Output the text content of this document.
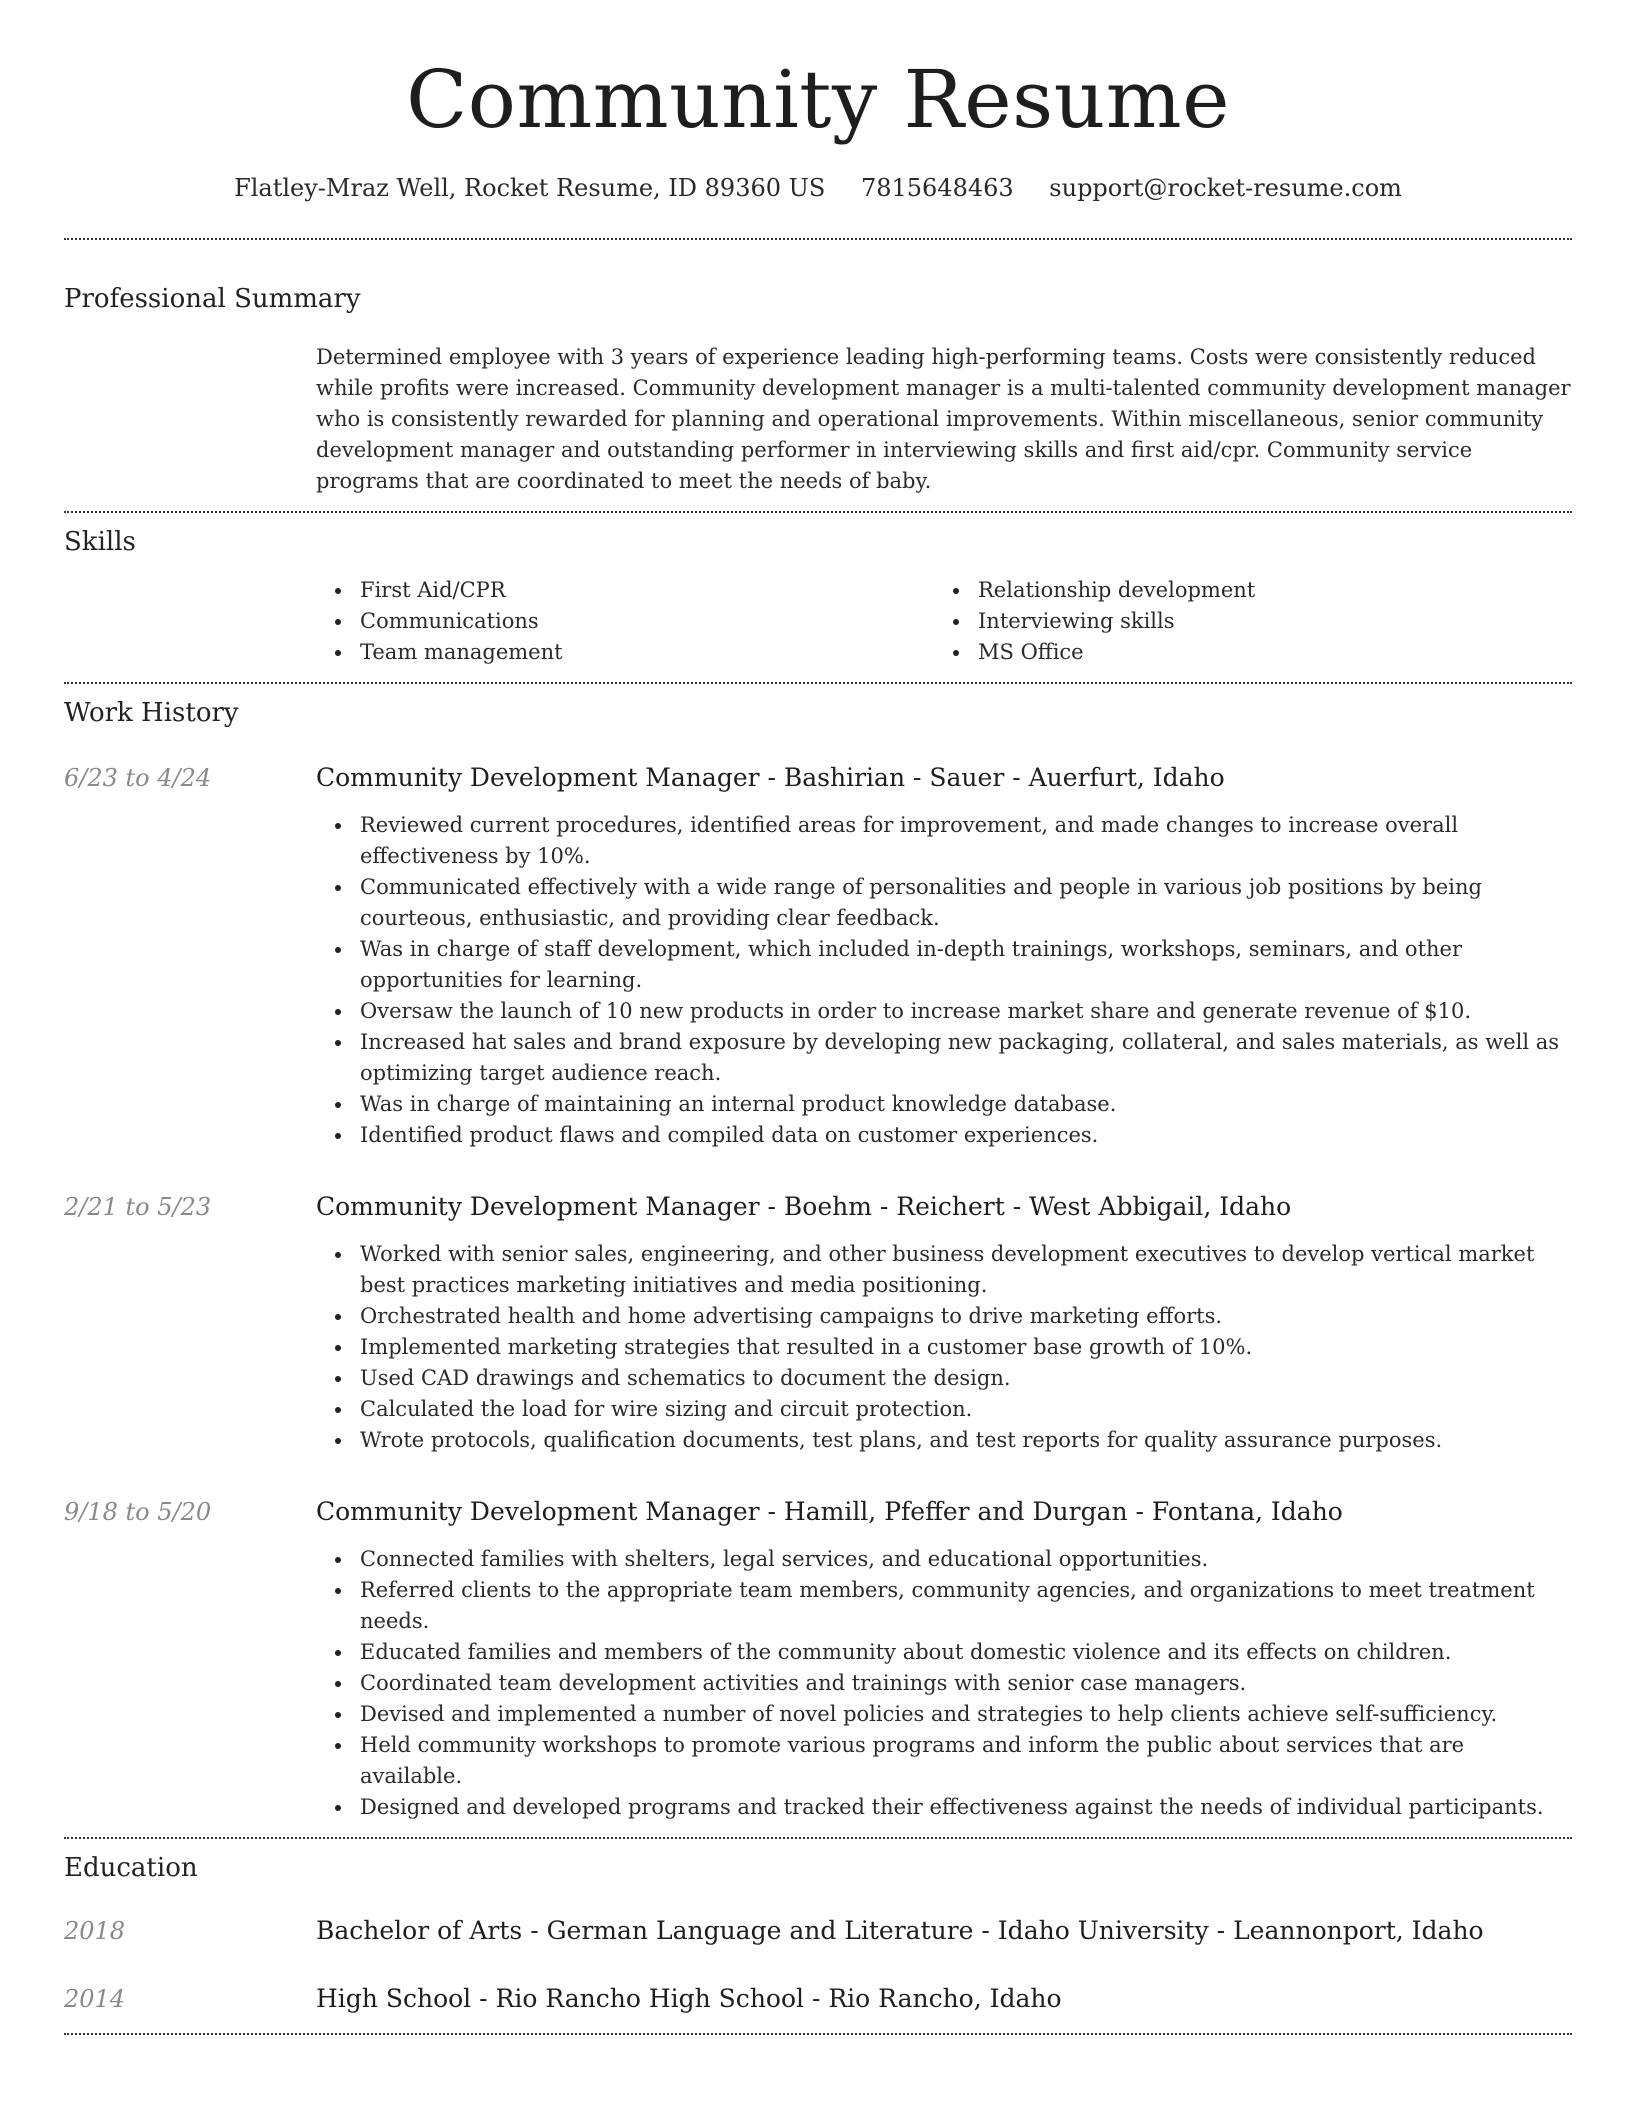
Community Resume
Flatley-Mraz Well, Rocket Resume, ID 89360 US 7815648463 support@rocket-resume.com
Professional Summary

Determined employee with 3 years of experience leading high-performing teams. Costs were consistently reduced while profits were increased. Community development manager is a multi-talented community development manager who is consistently rewarded for planning and operational improvements. Within miscellaneous, senior community development manager and outstanding performer in interviewing skills and first aid/cpr. Community service programs that are coordinated to meet the needs of baby.

Skills
First Aid/CPR
Communications
Team management
Relationship development
Interviewing skills
MS Office
Work History
6/23 to 4/24	Community Development Manager - Bashirian - Sauer - Auerfurt, Idaho
Reviewed current procedures, identified areas for improvement, and made changes to increase overall effectiveness by 10%.
Communicated effectively with a wide range of personalities and people in various job positions by being courteous, enthusiastic, and providing clear feedback.
Was in charge of staff development, which included in-depth trainings, workshops, seminars, and other opportunities for learning.
Oversaw the launch of 10 new products in order to increase market share and generate revenue of $10.
Increased hat sales and brand exposure by developing new packaging, collateral, and sales materials, as well as optimizing target audience reach.
Was in charge of maintaining an internal product knowledge database.
Identified product flaws and compiled data on customer experiences.
2/21 to 5/23	Community Development Manager - Boehm - Reichert - West Abbigail, Idaho
Worked with senior sales, engineering, and other business development executives to develop vertical market best practices marketing initiatives and media positioning.
Orchestrated health and home advertising campaigns to drive marketing efforts.
Implemented marketing strategies that resulted in a customer base growth of 10%.
Used CAD drawings and schematics to document the design.
Calculated the load for wire sizing and circuit protection.
Wrote protocols, qualification documents, test plans, and test reports for quality assurance purposes.
9/18 to 5/20	Community Development Manager - Hamill, Pfeffer and Durgan - Fontana, Idaho
Connected families with shelters, legal services, and educational opportunities.
Referred clients to the appropriate team members, community agencies, and organizations to meet treatment needs.
Educated families and members of the community about domestic violence and its effects on children.
Coordinated team development activities and trainings with senior case managers.
Devised and implemented a number of novel policies and strategies to help clients achieve self-sufficiency.
Held community workshops to promote various programs and inform the public about services that are available.
Designed and developed programs and tracked their effectiveness against the needs of individual participants.
Education
2018	Bachelor of Arts - German Language and Literature - Idaho University - Leannonport, Idaho
2014	High School - Rio Rancho High School - Rio Rancho, Idaho
